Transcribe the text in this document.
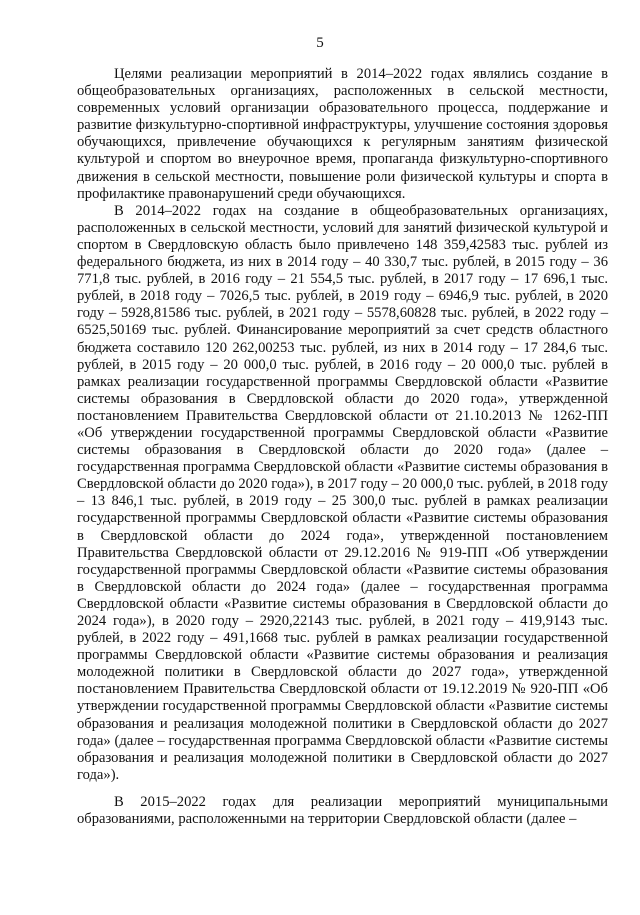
5

Целями реализации мероприятий в 2014–2022 годах являлись создание в общеобразовательных организациях, расположенных в сельской местности, современных условий организации образовательного процесса, поддержание и развитие физкультурно-спортивной инфраструктуры, улучшение состояния здоровья обучающихся, привлечение обучающихся к регулярным занятиям физической культурой и спортом во внеурочное время, пропаганда физкультурно-спортивного движения в сельской местности, повышение роли физической культуры и спорта в профилактике правонарушений среди обучающихся.

В 2014–2022 годах на создание в общеобразовательных организациях, расположенных в сельской местности, условий для занятий физической культурой и спортом в Свердловскую область было привлечено 148 359,42583 тыс. рублей из федерального бюджета, из них в 2014 году – 40 330,7 тыс. рублей, в 2015 году – 36 771,8 тыс. рублей, в 2016 году – 21 554,5 тыс. рублей, в 2017 году – 17 696,1 тыс. рублей, в 2018 году – 7026,5 тыс. рублей, в 2019 году – 6946,9 тыс. рублей, в 2020 году – 5928,81586 тыс. рублей, в 2021 году – 5578,60828 тыс. рублей, в 2022 году – 6525,50169 тыс. рублей. Финансирование мероприятий за счет средств областного бюджета составило 120 262,00253 тыс. рублей, из них в 2014 году – 17 284,6 тыс. рублей, в 2015 году – 20 000,0 тыс. рублей, в 2016 году – 20 000,0 тыс. рублей в рамках реализации государственной программы Свердловской области «Развитие системы образования в Свердловской области до 2020 года», утвержденной постановлением Правительства Свердловской области от 21.10.2013 № 1262-ПП «Об утверждении государственной программы Свердловской области «Развитие системы образования в Свердловской области до 2020 года» (далее – государственная программа Свердловской области «Развитие системы образования в Свердловской области до 2020 года»), в 2017 году – 20 000,0 тыс. рублей, в 2018 году – 13 846,1 тыс. рублей, в 2019 году – 25 300,0 тыс. рублей в рамках реализации государственной программы Свердловской области «Развитие системы образования в Свердловской области до 2024 года», утвержденной постановлением Правительства Свердловской области от 29.12.2016 № 919-ПП «Об утверждении государственной программы Свердловской области «Развитие системы образования в Свердловской области до 2024 года» (далее – государственная программа Свердловской области «Развитие системы образования в Свердловской области до 2024 года»), в 2020 году – 2920,22143 тыс. рублей, в 2021 году – 419,9143 тыс. рублей, в 2022 году – 491,1668 тыс. рублей в рамках реализации государственной программы Свердловской области «Развитие системы образования и реализация молодежной политики в Свердловской области до 2027 года», утвержденной постановлением Правительства Свердловской области от 19.12.2019 № 920-ПП «Об утверждении государственной программы Свердловской области «Развитие системы образования и реализация молодежной политики в Свердловской области до 2027 года» (далее – государственная программа Свердловской области «Развитие системы образования и реализация молодежной политики в Свердловской области до 2027 года»).

В 2015–2022 годах для реализации мероприятий муниципальными образованиями, расположенными на территории Свердловской области (далее –
